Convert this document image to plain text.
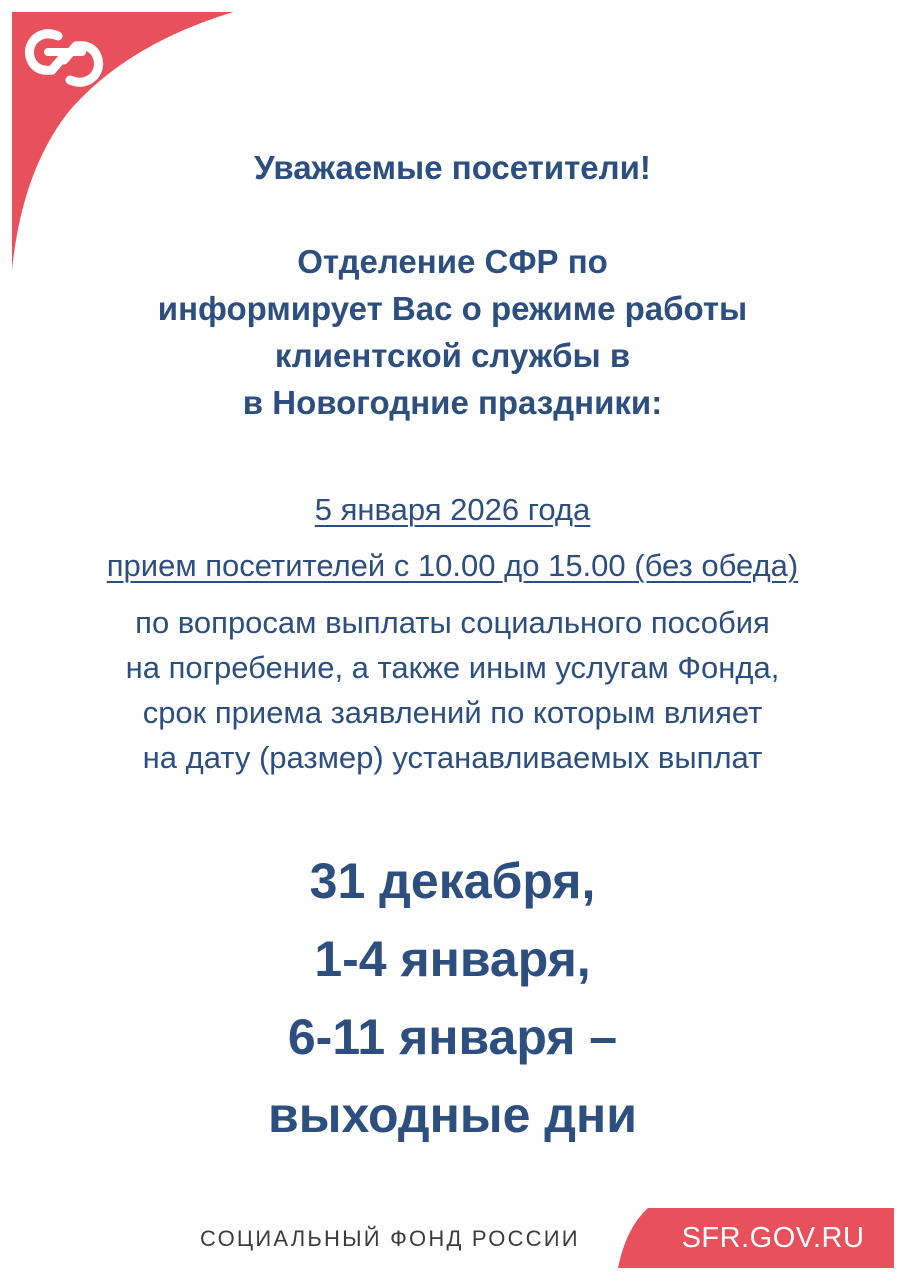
Уважаемые посетители!
Отделение СФР по
информирует Вас о режиме работы
клиентской службы в
в Новогодние праздники:
5 января 2026 года
прием посетителей с 10.00 до 15.00 (без обеда)
по вопросам выплаты социального пособия
на погребение, а также иным услугам Фонда,
срок приема заявлений по которым влияет
на дату (размер) устанавливаемых выплат
31 декабря,
1-4 января,
6-11 января –
выходные дни
СОЦИАЛЬНЫЙ ФОНД РОССИИ	SFR.GOV.RU
